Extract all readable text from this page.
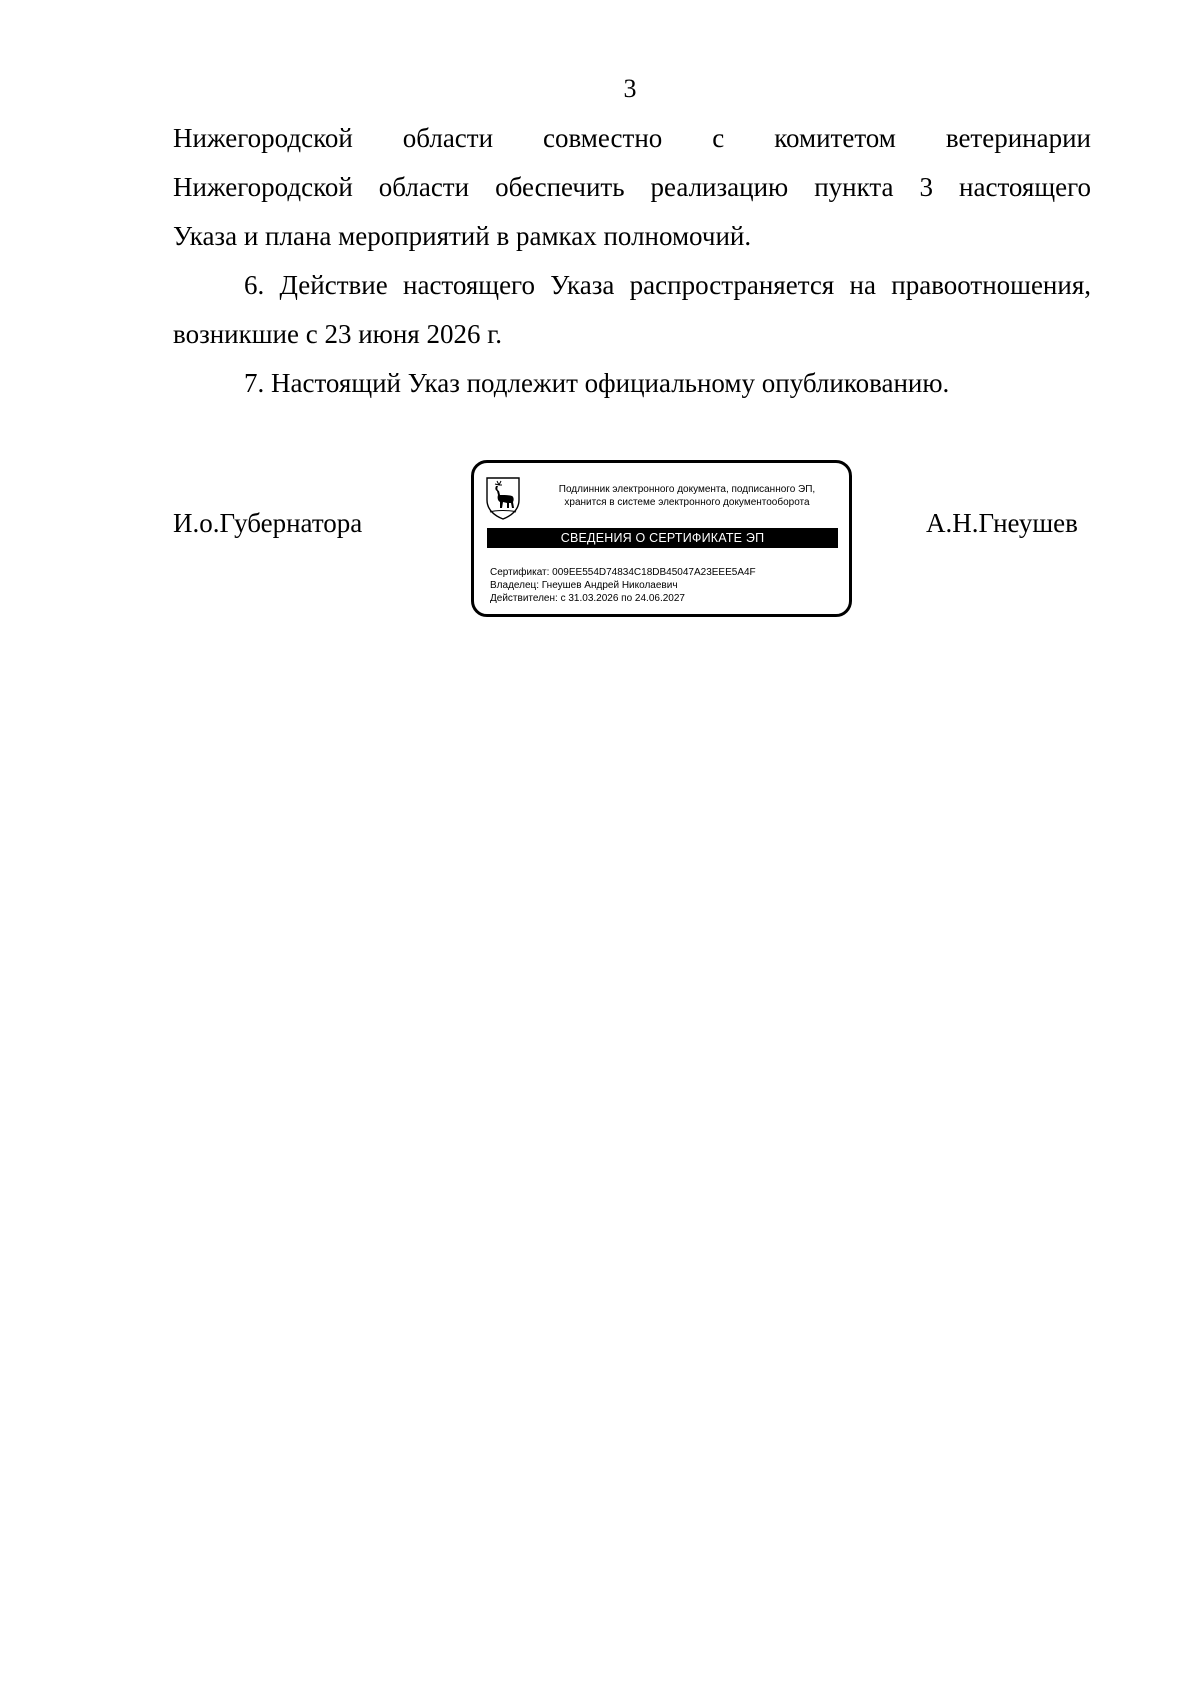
3
Нижегородской области совместно с комитетом ветеринарии
Нижегородской области обеспечить реализацию пункта 3 настоящего
Указа и плана мероприятий в рамках полномочий.
6. Действие настоящего Указа распространяется на правоотношения,
возникшие с 23 июня 2026 г.
7. Настоящий Указ подлежит официальному опубликованию.
И.о.Губернатора	А.Н.Гнеушев
Подлинник электронного документа, подписанного ЭП,
хранится в системе электронного документооборота
СВЕДЕНИЯ О СЕРТИФИКАТЕ ЭП
Сертификат: 009EE554D74834C18DB45047A23EEE5A4F
Владелец: Гнеушев Андрей Николаевич
Действителен: с 31.03.2026 по 24.06.2027
